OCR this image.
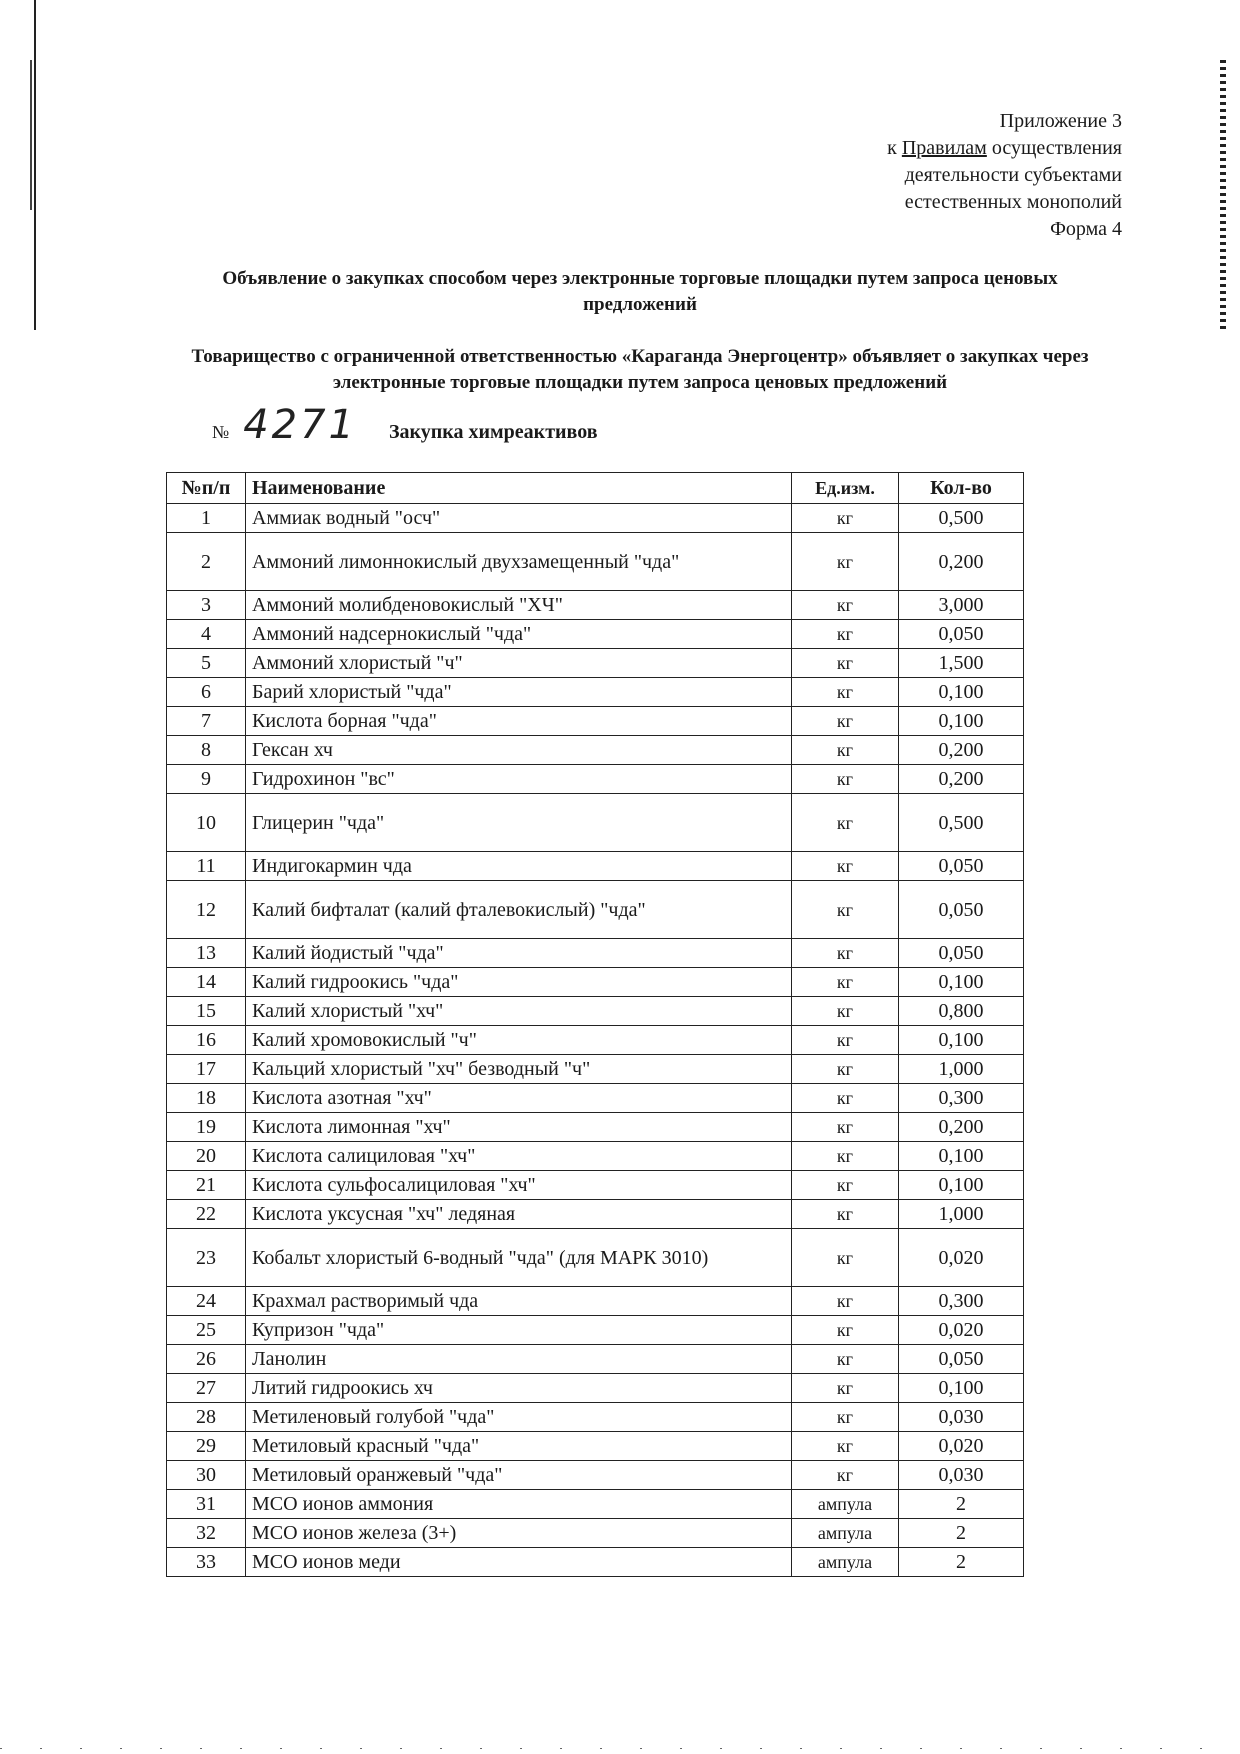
Приложение 3
к Правилам осуществления
деятельности субъектами
естественных монополий
Форма 4
Объявление о закупках способом через электронные торговые площадки путем запроса ценовых предложений
Товарищество с ограниченной ответственностью «Караганда Энергоцентр» объявляет о закупках через электронные торговые площадки путем запроса ценовых предложений
№ 4271 Закупка химреактивов
№п/п	Наименование	Ед.изм.	Кол-во
1	Аммиак водный "осч"	кг	0,500
2	Аммоний лимоннокислый двухзамещенный "чда"	кг	0,200
3	Аммоний молибденовокислый "ХЧ"	кг	3,000
4	Аммоний надсернокислый "чда"	кг	0,050
5	Аммоний хлористый "ч"	кг	1,500
6	Барий хлористый "чда"	кг	0,100
7	Кислота борная "чда"	кг	0,100
8	Гексан хч	кг	0,200
9	Гидрохинон "вс"	кг	0,200
10	Глицерин "чда"	кг	0,500
11	Индигокармин чда	кг	0,050
12	Калий бифталат (калий фталевокислый) "чда"	кг	0,050
13	Калий йодистый "чда"	кг	0,050
14	Калий гидроокись "чда"	кг	0,100
15	Калий хлористый "хч"	кг	0,800
16	Калий хромовокислый "ч"	кг	0,100
17	Кальций хлористый "хч" безводный "ч"	кг	1,000
18	Кислота азотная "хч"	кг	0,300
19	Кислота лимонная "хч"	кг	0,200
20	Кислота салициловая "хч"	кг	0,100
21	Кислота сульфосалициловая "хч"	кг	0,100
22	Кислота уксусная "хч" ледяная	кг	1,000
23	Кобальт хлористый 6-водный "чда" (для МАРК 3010)	кг	0,020
24	Крахмал растворимый чда	кг	0,300
25	Купризон "чда"	кг	0,020
26	Ланолин	кг	0,050
27	Литий гидроокись хч	кг	0,100
28	Метиленовый голубой "чда"	кг	0,030
29	Метиловый красный "чда"	кг	0,020
30	Метиловый оранжевый "чда"	кг	0,030
31	МСО ионов аммония	ампула	2
32	МСО ионов железа (3+)	ампула	2
33	МСО ионов меди	ампула	2
